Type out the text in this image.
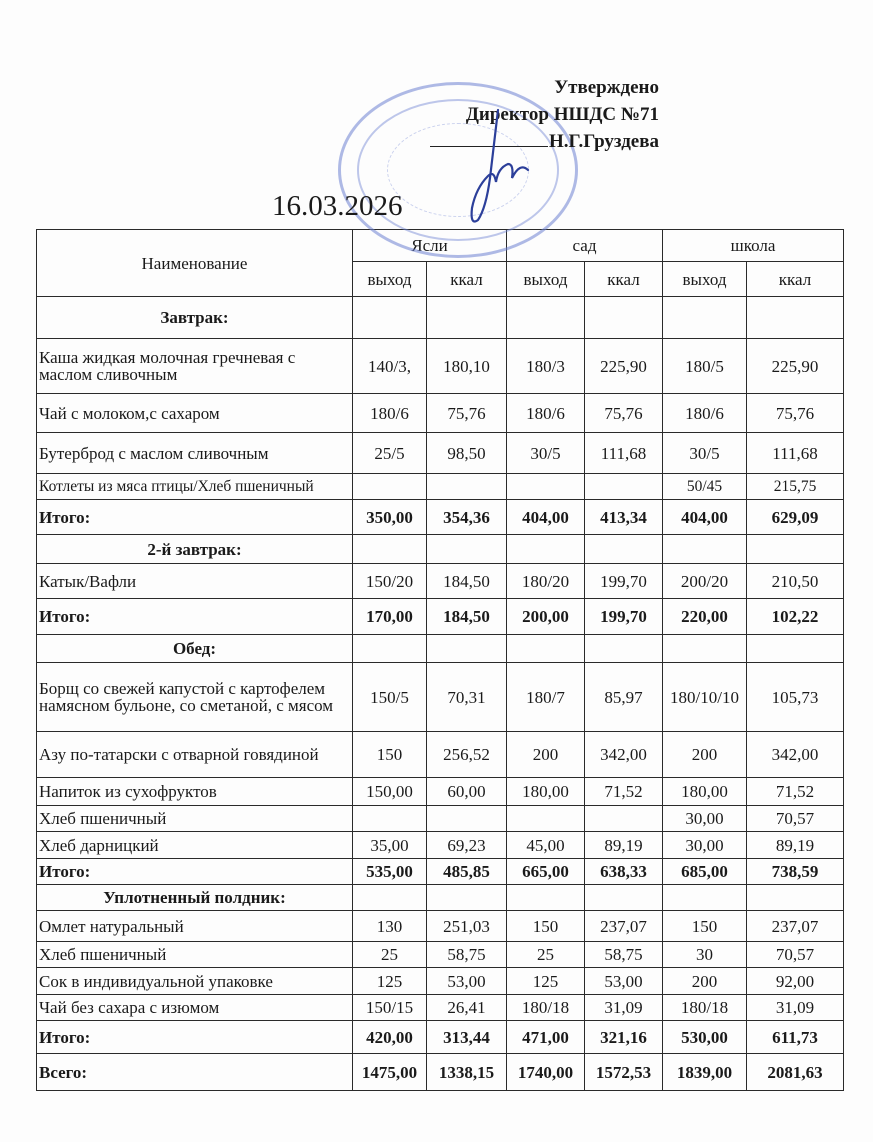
Утверждено
Директор НШДС №71
Н.Г.Груздева
16.03.2026
Наименование	Ясли		сад		школа	
	выход	ккал	выход	ккал	выход	ккал
Завтрак:						
Каша жидкая молочная гречневая с маслом сливочным	140/3,	180,10	180/3	225,90	180/5	225,90
Чай с молоком,с сахаром	180/6	75,76	180/6	75,76	180/6	75,76
Бутерброд с маслом сливочным	25/5	98,50	30/5	111,68	30/5	111,68
Котлеты из мяса птицы/Хлеб пшеничный					50/45	215,75
Итого:	350,00	354,36	404,00	413,34	404,00	629,09
2-й завтрак:						
Катык/Вафли	150/20	184,50	180/20	199,70	200/20	210,50
Итого:	170,00	184,50	200,00	199,70	220,00	102,22
Обед:						
Борщ со свежей капустой с картофелем намясном бульоне, со сметаной, с мясом	150/5	70,31	180/7	85,97	180/10/10	105,73
Азу по-татарски с отварной говядиной	150	256,52	200	342,00	200	342,00
Напиток из сухофруктов	150,00	60,00	180,00	71,52	180,00	71,52
Хлеб пшеничный					30,00	70,57
Хлеб дарницкий	35,00	69,23	45,00	89,19	30,00	89,19
Итого:	535,00	485,85	665,00	638,33	685,00	738,59
Уплотненный полдник:						
Омлет натуральный	130	251,03	150	237,07	150	237,07
Хлеб пшеничный	25	58,75	25	58,75	30	70,57
Сок в индивидуальной упаковке	125	53,00	125	53,00	200	92,00
Чай без сахара с изюмом	150/15	26,41	180/18	31,09	180/18	31,09
Итого:	420,00	313,44	471,00	321,16	530,00	611,73
Всего:	1475,00	1338,15	1740,00	1572,53	1839,00	2081,63
